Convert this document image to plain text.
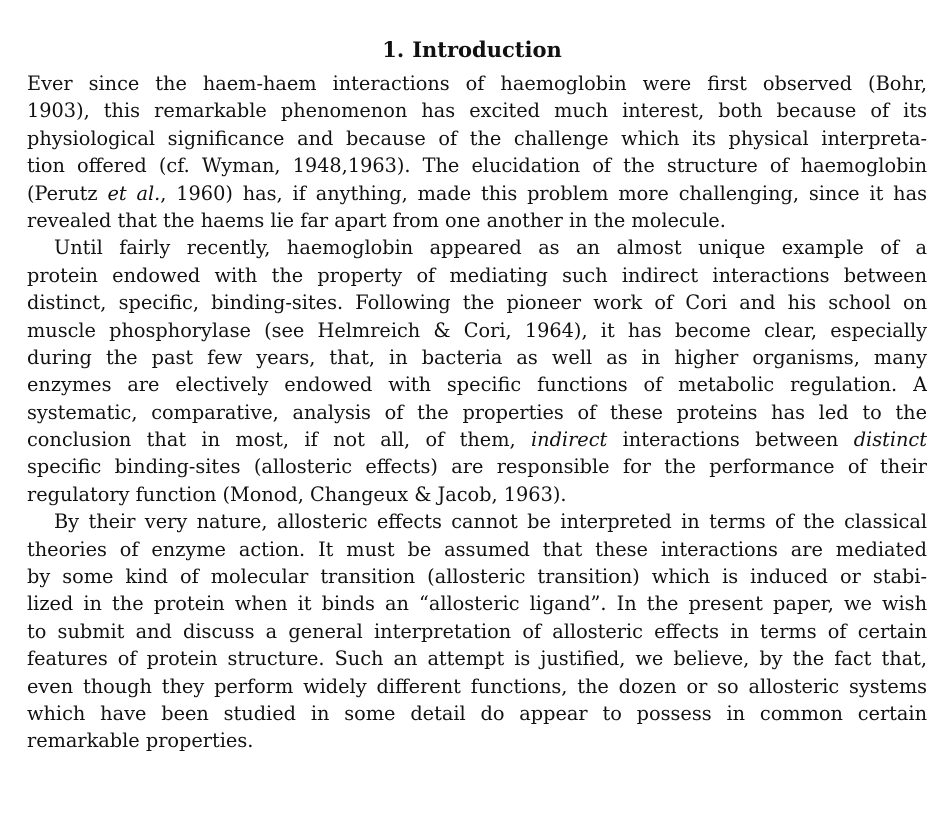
1. Introduction
Ever since the haem-haem interactions of haemoglobin were first observed (Bohr,
1903), this remarkable phenomenon has excited much interest, both because of its
physiological significance and because of the challenge which its physical interpreta-
tion offered (cf. Wyman, 1948,1963). The elucidation of the structure of haemoglobin
(Perutz et al., 1960) has, if anything, made this problem more challenging, since it has
revealed that the haems lie far apart from one another in the molecule.
Until fairly recently, haemoglobin appeared as an almost unique example of a
protein endowed with the property of mediating such indirect interactions between
distinct, specific, binding-sites. Following the pioneer work of Cori and his school on
muscle phosphorylase (see Helmreich & Cori, 1964), it has become clear, especially
during the past few years, that, in bacteria as well as in higher organisms, many
enzymes are electively endowed with specific functions of metabolic regulation. A
systematic, comparative, analysis of the properties of these proteins has led to the
conclusion that in most, if not all, of them, indirect interactions between distinct
specific binding-sites (allosteric effects) are responsible for the performance of their
regulatory function (Monod, Changeux & Jacob, 1963).
By their very nature, allosteric effects cannot be interpreted in terms of the classical
theories of enzyme action. It must be assumed that these interactions are mediated
by some kind of molecular transition (allosteric transition) which is induced or stabi-
lized in the protein when it binds an “allosteric ligand”. In the present paper, we wish
to submit and discuss a general interpretation of allosteric effects in terms of certain
features of protein structure. Such an attempt is justified, we believe, by the fact that,
even though they perform widely different functions, the dozen or so allosteric systems
which have been studied in some detail do appear to possess in common certain
remarkable properties.
